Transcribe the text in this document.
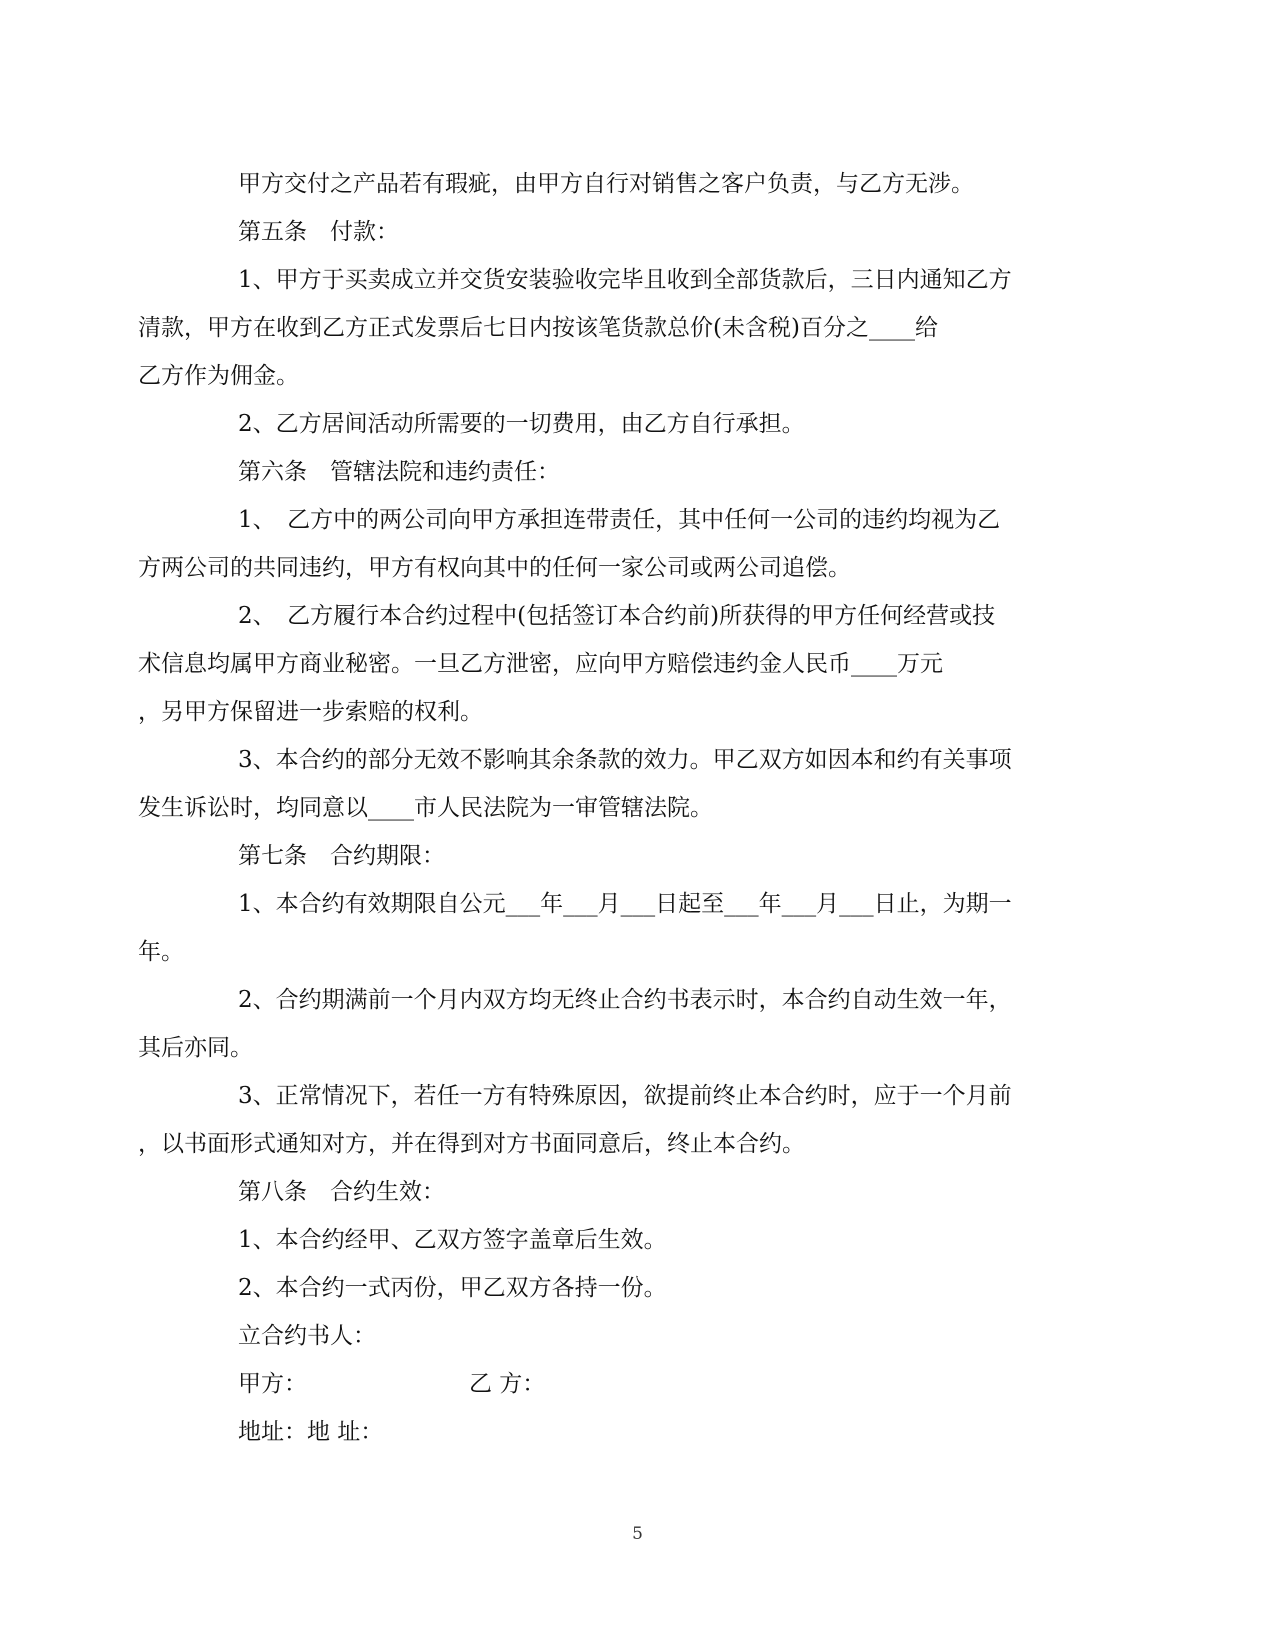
甲方交付之产品若有瑕疵，由甲方自行对销售之客户负责，与乙方无涉。

第五条　付款：

1、甲方于买卖成立并交货安装验收完毕且收到全部货款后，三日内通知乙方
清款，甲方在收到乙方正式发票后七日内按该笔货款总价(未含税)百分之____给
乙方作为佣金。

2、乙方居间活动所需要的一切费用，由乙方自行承担。

第六条　管辖法院和违约责任：

1、　乙方中的两公司向甲方承担连带责任，其中任何一公司的违约均视为乙
方两公司的共同违约，甲方有权向其中的任何一家公司或两公司追偿。

2、　乙方履行本合约过程中(包括签订本合约前)所获得的甲方任何经营或技
术信息均属甲方商业秘密。一旦乙方泄密，应向甲方赔偿违约金人民币____万元
，另甲方保留进一步索赔的权利。

3、本合约的部分无效不影响其余条款的效力。甲乙双方如因本和约有关事项
发生诉讼时，均同意以____市人民法院为一审管辖法院。

第七条　合约期限：

1、本合约有效期限自公元___年___月___日起至___年___月___日止，为期一
年。

2、合约期满前一个月内双方均无终止合约书表示时，本合约自动生效一年，
其后亦同。

3、正常情况下，若任一方有特殊原因，欲提前终止本合约时，应于一个月前
，以书面形式通知对方，并在得到对方书面同意后，终止本合约。

第八条　合约生效：

1、本合约经甲、乙双方签字盖章后生效。

2、本合约一式丙份，甲乙双方各持一份。

立合约书人：

甲方：	乙 方：

地址：地 址：

5
